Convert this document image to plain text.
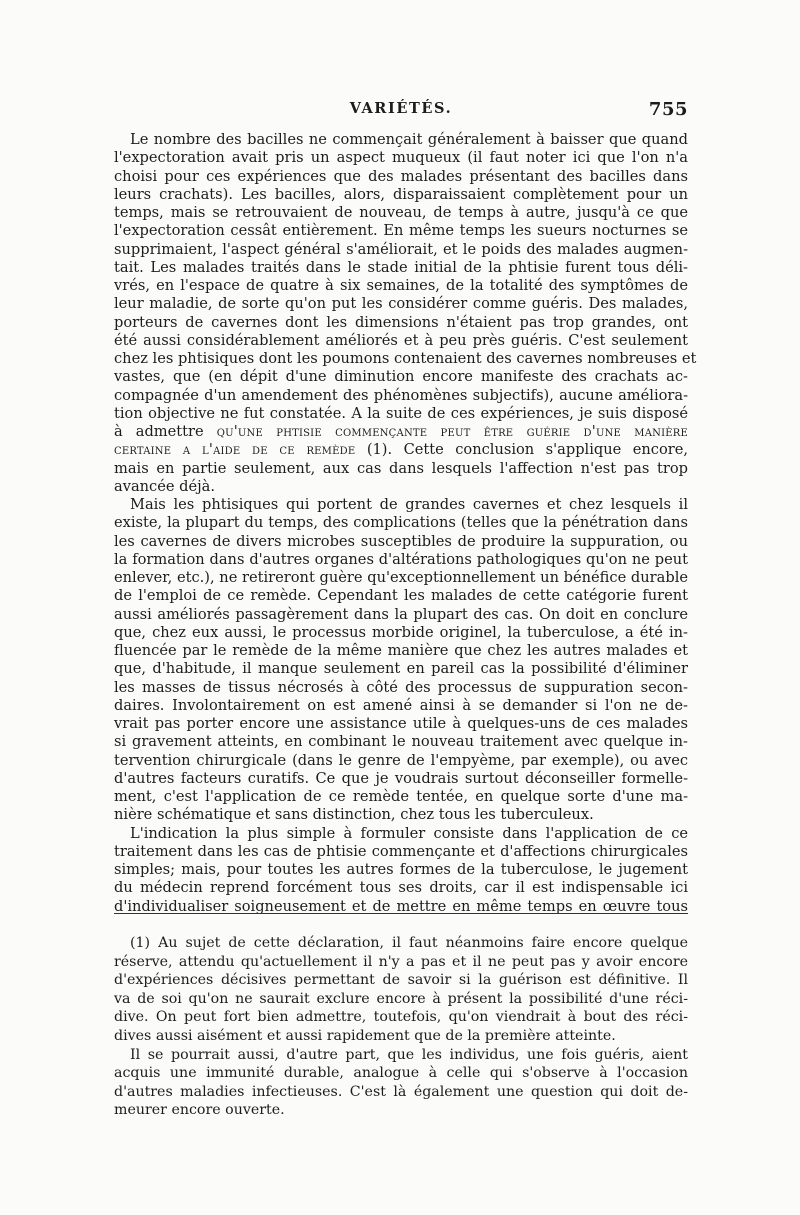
VARIÉTÉS.	755
Le nombre des bacilles ne commençait généralement à baisser que quand
l'expectoration avait pris un aspect muqueux (il faut noter ici que l'on n'a
choisi pour ces expériences que des malades présentant des bacilles dans
leurs crachats). Les bacilles, alors, disparaissaient complètement pour un
temps, mais se retrouvaient de nouveau, de temps à autre, jusqu'à ce que
l'expectoration cessât entièrement. En même temps les sueurs nocturnes se
supprimaient, l'aspect général s'améliorait, et le poids des malades augmen-
tait. Les malades traités dans le stade initial de la phtisie furent tous déli-
vrés, en l'espace de quatre à six semaines, de la totalité des symptômes de
leur maladie, de sorte qu'on put les considérer comme guéris. Des malades,
porteurs de cavernes dont les dimensions n'étaient pas trop grandes, ont
été aussi considérablement améliorés et à peu près guéris. C'est seulement
chez les phtisiques dont les poumons contenaient des cavernes nombreuses et
vastes, que (en dépit d'une diminution encore manifeste des crachats ac-
compagnée d'un amendement des phénomènes subjectifs), aucune améliora-
tion objective ne fut constatée. A la suite de ces expériences, je suis disposé
à admettre qu'une phtisie commençante peut être guérie d'une manière
certaine a l'aide de ce remède (1). Cette conclusion s'applique encore,
mais en partie seulement, aux cas dans lesquels l'affection n'est pas trop
avancée déjà.
Mais les phtisiques qui portent de grandes cavernes et chez lesquels il
existe, la plupart du temps, des complications (telles que la pénétration dans
les cavernes de divers microbes susceptibles de produire la suppuration, ou
la formation dans d'autres organes d'altérations pathologiques qu'on ne peut
enlever, etc.), ne retireront guère qu'exceptionnellement un bénéfice durable
de l'emploi de ce remède. Cependant les malades de cette catégorie furent
aussi améliorés passagèrement dans la plupart des cas. On doit en conclure
que, chez eux aussi, le processus morbide originel, la tuberculose, a été in-
fluencée par le remède de la même manière que chez les autres malades et
que, d'habitude, il manque seulement en pareil cas la possibilité d'éliminer
les masses de tissus nécrosés à côté des processus de suppuration secon-
daires. Involontairement on est amené ainsi à se demander si l'on ne de-
vrait pas porter encore une assistance utile à quelques-uns de ces malades
si gravement atteints, en combinant le nouveau traitement avec quelque in-
tervention chirurgicale (dans le genre de l'empyème, par exemple), ou avec
d'autres facteurs curatifs. Ce que je voudrais surtout déconseiller formelle-
ment, c'est l'application de ce remède tentée, en quelque sorte d'une ma-
nière schématique et sans distinction, chez tous les tuberculeux.
L'indication la plus simple à formuler consiste dans l'application de ce
traitement dans les cas de phtisie commençante et d'affections chirurgicales
simples; mais, pour toutes les autres formes de la tuberculose, le jugement
du médecin reprend forcément tous ses droits, car il est indispensable ici
d'individualiser soigneusement et de mettre en même temps en œuvre tous
(1) Au sujet de cette déclaration, il faut néanmoins faire encore quelque
réserve, attendu qu'actuellement il n'y a pas et il ne peut pas y avoir encore
d'expériences décisives permettant de savoir si la guérison est définitive. Il
va de soi qu'on ne saurait exclure encore à présent la possibilité d'une réci-
dive. On peut fort bien admettre, toutefois, qu'on viendrait à bout des réci-
dives aussi aisément et aussi rapidement que de la première atteinte.
Il se pourrait aussi, d'autre part, que les individus, une fois guéris, aient
acquis une immunité durable, analogue à celle qui s'observe à l'occasion
d'autres maladies infectieuses. C'est là également une question qui doit de-
meurer encore ouverte.
